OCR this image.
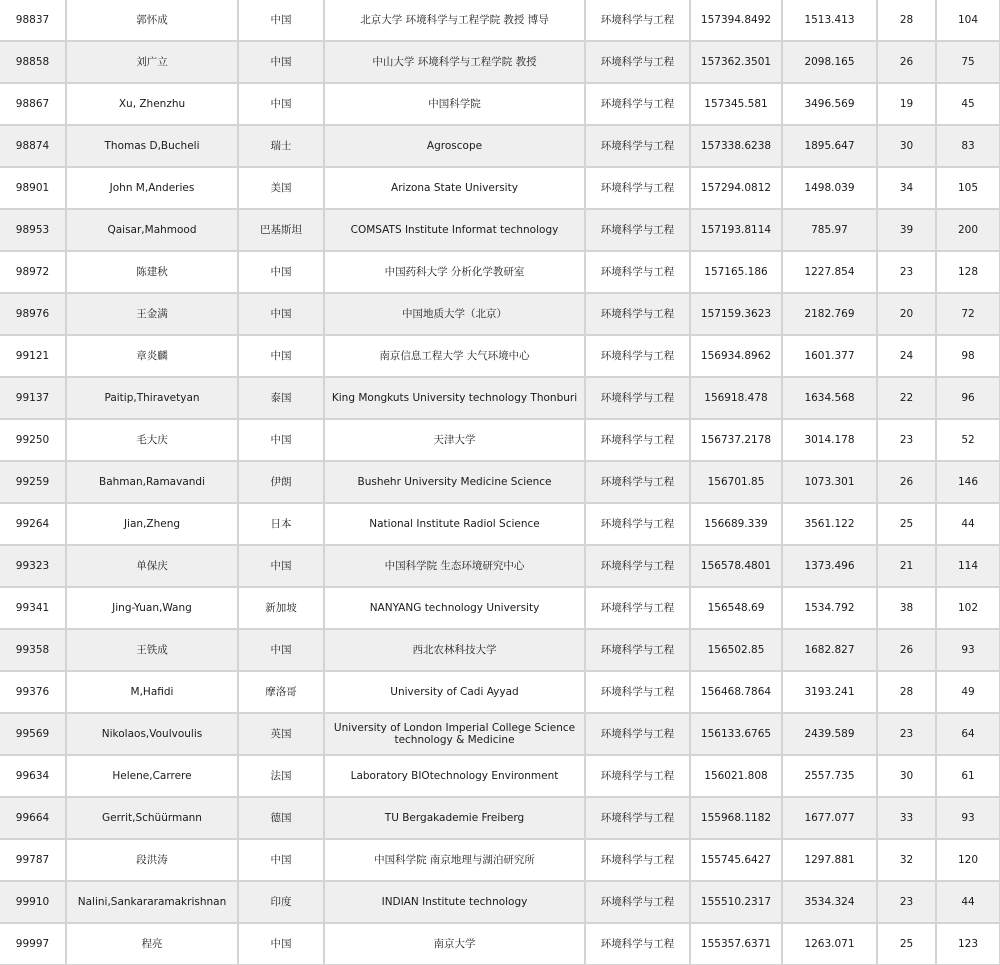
98837	郭怀成	中国	北京大学 环境科学与工程学院 教授 博导	环境科学与工程	157394.8492	1513.413	28	104
98858	刘广立	中国	中山大学 环境科学与工程学院 教授	环境科学与工程	157362.3501	2098.165	26	75
98867	Xu, Zhenzhu	中国	中国科学院	环境科学与工程	157345.581	3496.569	19	45
98874	Thomas D,Bucheli	瑞士	Agroscope	环境科学与工程	157338.6238	1895.647	30	83
98901	John M,Anderies	美国	Arizona State University	环境科学与工程	157294.0812	1498.039	34	105
98953	Qaisar,Mahmood	巴基斯坦	COMSATS Institute Informat technology	环境科学与工程	157193.8114	785.97	39	200
98972	陈建秋	中国	中国药科大学 分析化学教研室	环境科学与工程	157165.186	1227.854	23	128
98976	王金满	中国	中国地质大学（北京）	环境科学与工程	157159.3623	2182.769	20	72
99121	章炎麟	中国	南京信息工程大学 大气环境中心	环境科学与工程	156934.8962	1601.377	24	98
99137	Paitip,Thiravetyan	泰国	King Mongkuts University technology Thonburi	环境科学与工程	156918.478	1634.568	22	96
99250	毛大庆	中国	天津大学	环境科学与工程	156737.2178	3014.178	23	52
99259	Bahman,Ramavandi	伊朗	Bushehr University Medicine Science	环境科学与工程	156701.85	1073.301	26	146
99264	Jian,Zheng	日本	National Institute Radiol Science	环境科学与工程	156689.339	3561.122	25	44
99323	单保庆	中国	中国科学院 生态环境研究中心	环境科学与工程	156578.4801	1373.496	21	114
99341	Jing-Yuan,Wang	新加坡	NANYANG technology University	环境科学与工程	156548.69	1534.792	38	102
99358	王铁成	中国	西北农林科技大学	环境科学与工程	156502.85	1682.827	26	93
99376	M,Hafidi	摩洛哥	University of Cadi Ayyad	环境科学与工程	156468.7864	3193.241	28	49
99569	Nikolaos,Voulvoulis	英国	University of London Imperial College Science technology & Medicine	环境科学与工程	156133.6765	2439.589	23	64
99634	Helene,Carrere	法国	Laboratory BIOtechnology Environment	环境科学与工程	156021.808	2557.735	30	61
99664	Gerrit,Schüürmann	德国	TU Bergakademie Freiberg	环境科学与工程	155968.1182	1677.077	33	93
99787	段洪涛	中国	中国科学院 南京地理与湖泊研究所	环境科学与工程	155745.6427	1297.881	32	120
99910	Nalini,Sankararamakrishnan	印度	INDIAN Institute technology	环境科学与工程	155510.2317	3534.324	23	44
99997	程亮	中国	南京大学	环境科学与工程	155357.6371	1263.071	25	123
